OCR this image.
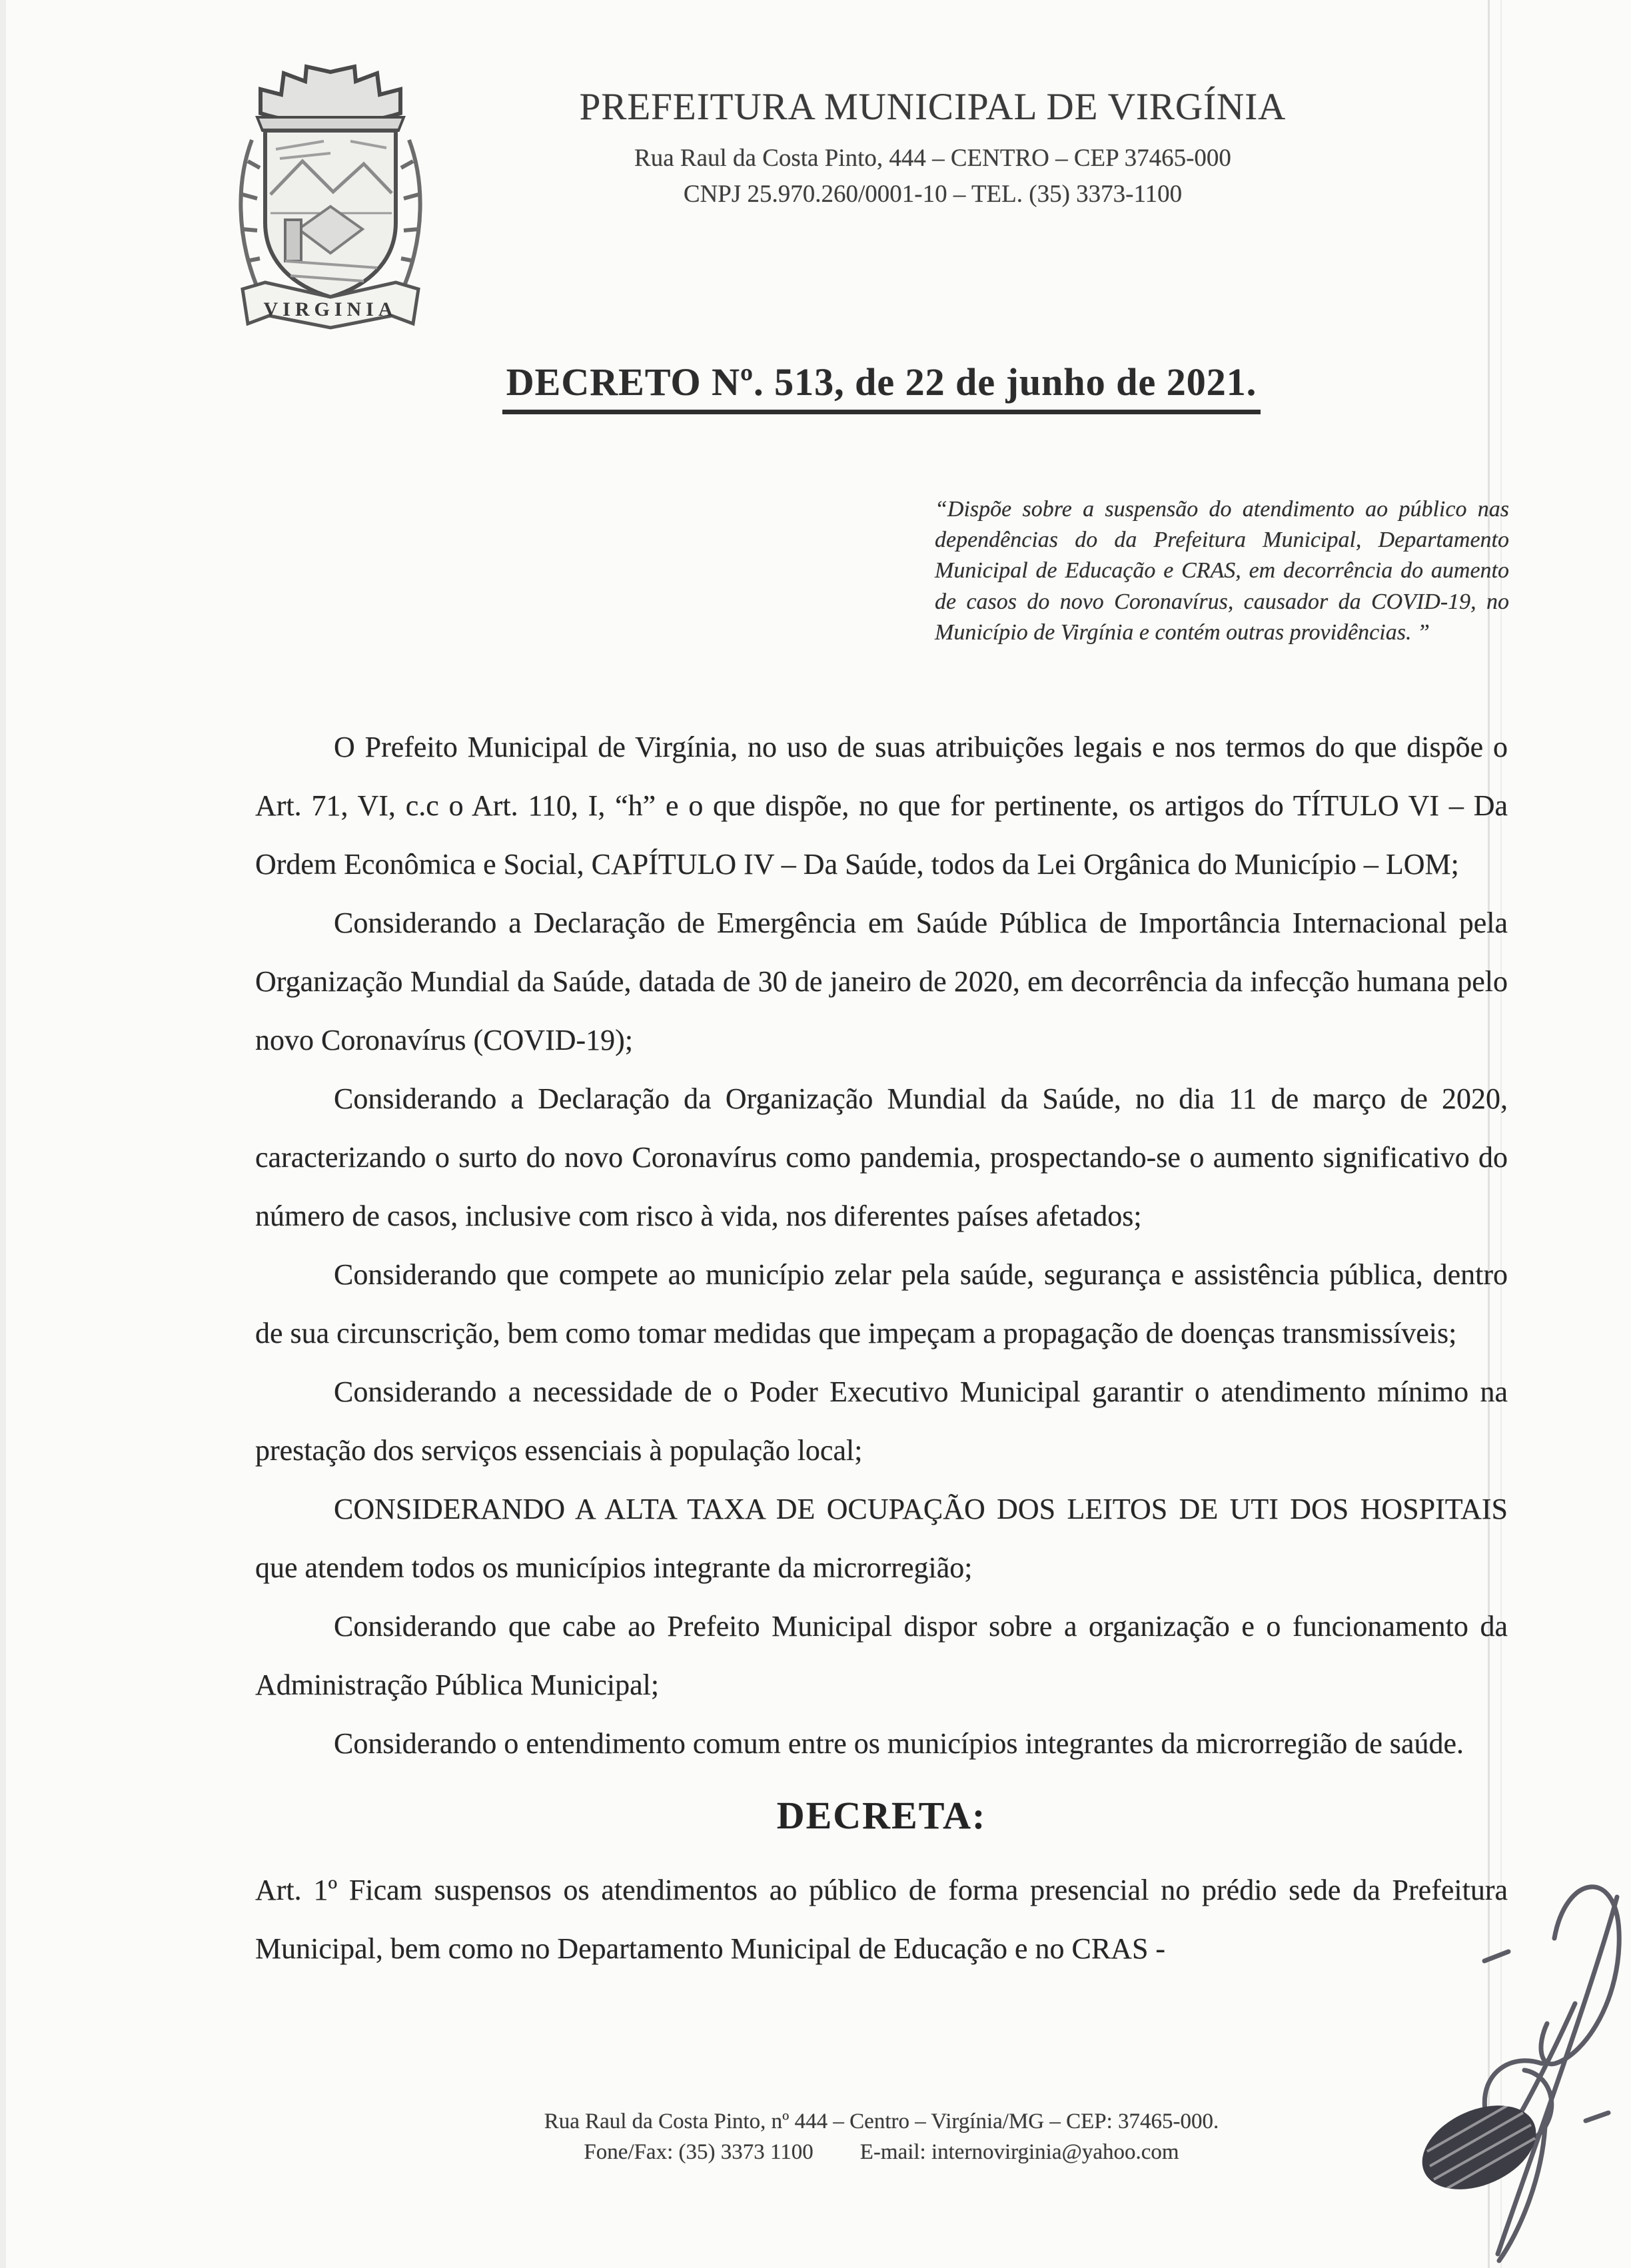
VIRGINIA
PREFEITURA MUNICIPAL DE VIRGÍNIA
Rua Raul da Costa Pinto, 444 – CENTRO – CEP 37465-000
CNPJ 25.970.260/0001-10 – TEL. (35) 3373-1100
DECRETO Nº. 513, de 22 de junho de 2021.
“Dispõe sobre a suspensão do atendimento ao público nas dependências do da Prefeitura Municipal, Departamento Municipal de Educação e CRAS, em decorrência do aumento de casos do novo Coronavírus, causador da COVID-19, no Município de Virgínia e contém outras providências. ”

O Prefeito Municipal de Virgínia, no uso de suas atribuições legais e nos termos do que dispõe o Art. 71, VI, c.c o Art. 110, I, “h” e o que dispõe, no que for pertinente, os artigos do TÍTULO VI – Da Ordem Econômica e Social, CAPÍTULO IV – Da Saúde, todos da Lei Orgânica do Município – LOM;

Considerando a Declaração de Emergência em Saúde Pública de Importância Internacional pela Organização Mundial da Saúde, datada de 30 de janeiro de 2020, em decorrência da infecção humana pelo novo Coronavírus (COVID-19);

Considerando a Declaração da Organização Mundial da Saúde, no dia 11 de março de 2020, caracterizando o surto do novo Coronavírus como pandemia, prospectando-se o aumento significativo do número de casos, inclusive com risco à vida, nos diferentes países afetados;

Considerando que compete ao município zelar pela saúde, segurança e assistência pública, dentro de sua circunscrição, bem como tomar medidas que impeçam a propagação de doenças transmissíveis;

Considerando a necessidade de o Poder Executivo Municipal garantir o atendimento mínimo na prestação dos serviços essenciais à população local;

CONSIDERANDO A ALTA TAXA DE OCUPAÇÃO DOS LEITOS DE UTI DOS HOSPITAIS que atendem todos os municípios integrante da microrregião;

Considerando que cabe ao Prefeito Municipal dispor sobre a organização e o funcionamento da Administração Pública Municipal;

Considerando o entendimento comum entre os municípios integrantes da microrregião de saúde.

DECRETA:

Art. 1º Ficam suspensos os atendimentos ao público de forma presencial no prédio sede da Prefeitura Municipal, bem como no Departamento Municipal de Educação e no CRAS -

Rua Raul da Costa Pinto, nº 444 – Centro – Virgínia/MG – CEP: 37465-000.
Fone/Fax: (35) 3373 1100 E-mail: internovirginia@yahoo.com
